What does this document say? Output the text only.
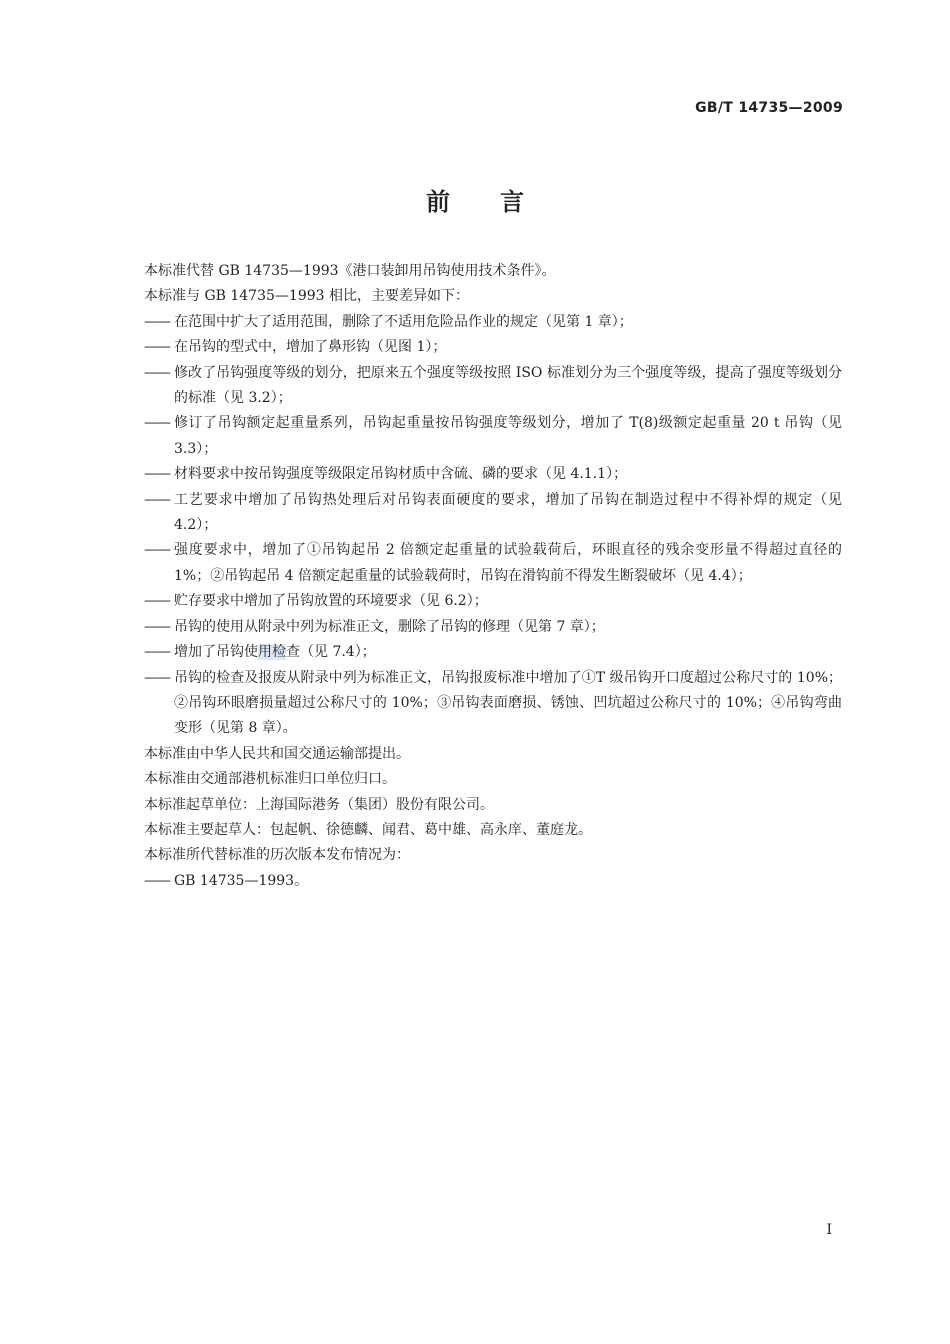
GB/T 14735—2009
前言

本标准代替 GB 14735—1993《港口装卸用吊钩使用技术条件》。

本标准与 GB 14735—1993 相比，主要差异如下：

—— 在范围中扩大了适用范围，删除了不适用危险品作业的规定（见第 1 章）；
—— 在吊钩的型式中，增加了鼻形钩（见图 1）；
—— 修改了吊钩强度等级的划分，把原来五个强度等级按照 ISO 标准划分为三个强度等级，提高了强度等级划分的标准（见 3.2）；
—— 修订了吊钩额定起重量系列，吊钩起重量按吊钩强度等级划分，增加了 T(8)级额定起重量 20 t 吊钩（见 3.3）；
—— 材料要求中按吊钩强度等级限定吊钩材质中含硫、磷的要求（见 4.1.1）；
—— 工艺要求中增加了吊钩热处理后对吊钩表面硬度的要求，增加了吊钩在制造过程中不得补焊的规定（见 4.2）；
—— 强度要求中，增加了①吊钩起吊 2 倍额定起重量的试验载荷后，环眼直径的残余变形量不得超过直径的 1%；②吊钩起吊 4 倍额定起重量的试验载荷时，吊钩在滑钩前不得发生断裂破坏（见 4.4）；
—— 贮存要求中增加了吊钩放置的环境要求（见 6.2）；
—— 吊钩的使用从附录中列为标准正文，删除了吊钩的修理（见第 7 章）；
—— 增加了吊钩使用检查（见 7.4）；
—— 吊钩的检查及报废从附录中列为标准正文，吊钩报废标准中增加了①T 级吊钩开口度超过公称尺寸的 10%；②吊钩环眼磨损量超过公称尺寸的 10%；③吊钩表面磨损、锈蚀、凹坑超过公称尺寸的 10%；④吊钩弯曲变形（见第 8 章）。

本标准由中华人民共和国交通运输部提出。

本标准由交通部港机标准归口单位归口。

本标准起草单位：上海国际港务（集团）股份有限公司。

本标准主要起草人：包起帆、徐德麟、闻君、葛中雄、高永庠、董庭龙。

本标准所代替标准的历次版本发布情况为：

—— GB 14735—1993。
I
